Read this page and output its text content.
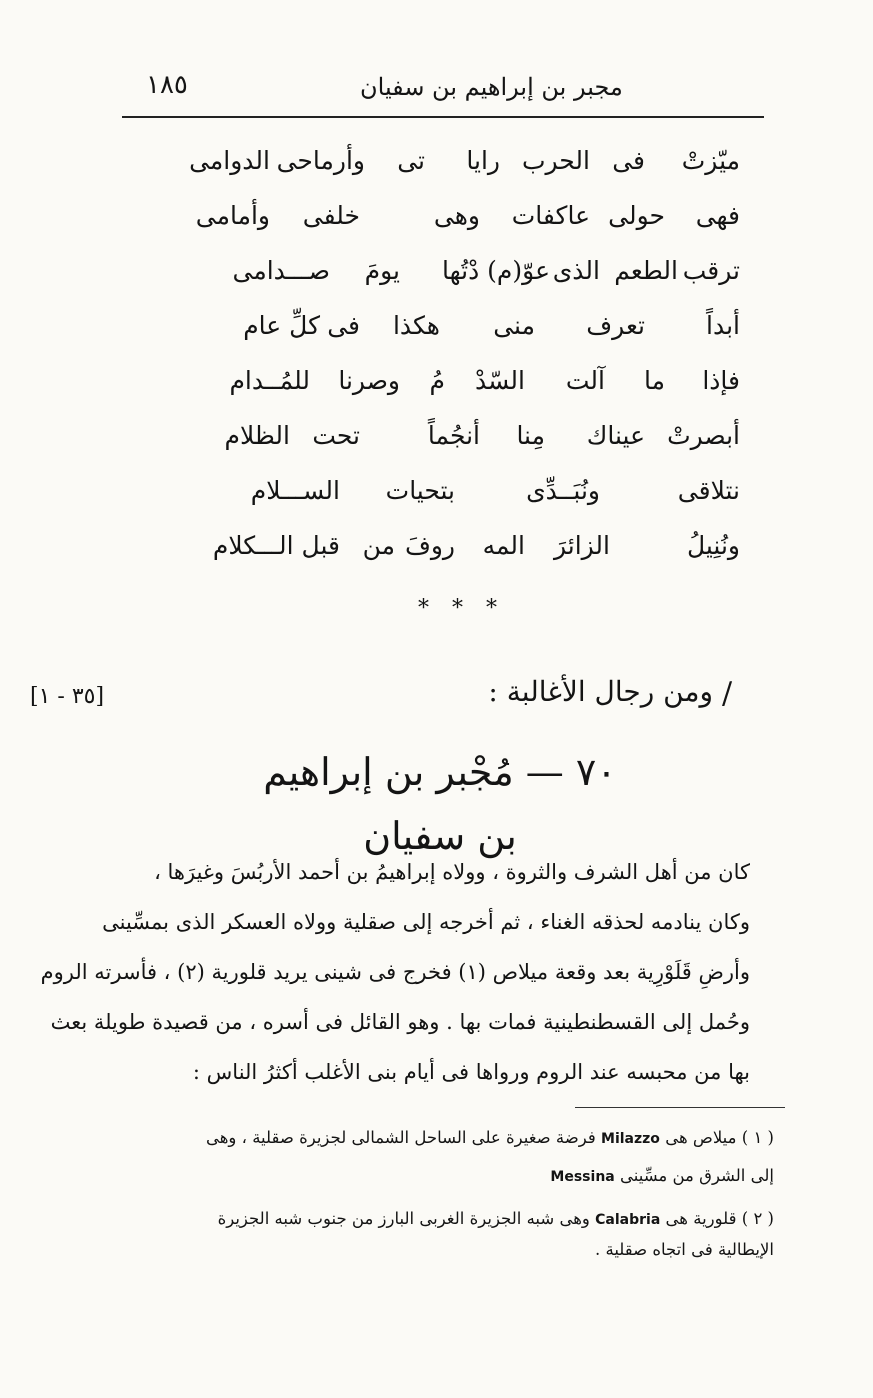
١٨٥	مجبر بن إبراهيم بن سفيان
ميّزتْ
فى
الحرب
رايا
تى
وأرماحى
الدوامى
فهى
حولى
عاكفات
وهى
خلفى
وأمامى
ترقب
الطعم
الذى
عوّ(م) دْتُها
يومَ
صـــدامى
أبداً
تعرف
منى
هكذا
فى
كلِّ عام
فإذا
ما
آلت
السّدْ
مُ
وصرنا
للمُــدام
أبصرتْ
عيناك
مِنا
أنجُماً
تحت
الظلام
نتلاقى
ونُبَــدِّى
بتحيات
الســـلام
ونُنِيلُ
الزائرَ
المه
روفَ
من
قبل الـــكلام
* * *
[٣٥ - ١]	/
ومن رجال الأغالبة :
٧٠ — مُجْبر بن إبراهيم بن سفيان
كان من أهل الشرف والثروة ، وولاه إبراهيمُ بن أحمد الأربُسَ وغيرَها ،
وكان ينادمه لحذقه الغناء ، ثم أخرجه إلى صقلية وولاه العسكر الذى بمسِّينى
وأرضِ قَلَوْرِية بعد وقعة ميلاص (١) فخرج فى شينى يريد قلورية (٢) ، فأسرته الروم
وحُمل إلى القسطنطينية فمات بها . وهو القائل فى أسره ، من قصيدة طويلة بعث
بها من محبسه عند الروم ورواها فى أيام بنى الأغلب أكثرُ الناس :
( ١ ) ميلاص هى Milazzo فرضة صغيرة على الساحل الشمالى لجزيرة صقلية ، وهى
إلى الشرق من مسِّينى Messina
( ٢ ) قلورية هى Calabria وهى شبه الجزيرة الغربى البارز من جنوب شبه الجزيرة
الإيطالية فى اتجاه صقلية .
